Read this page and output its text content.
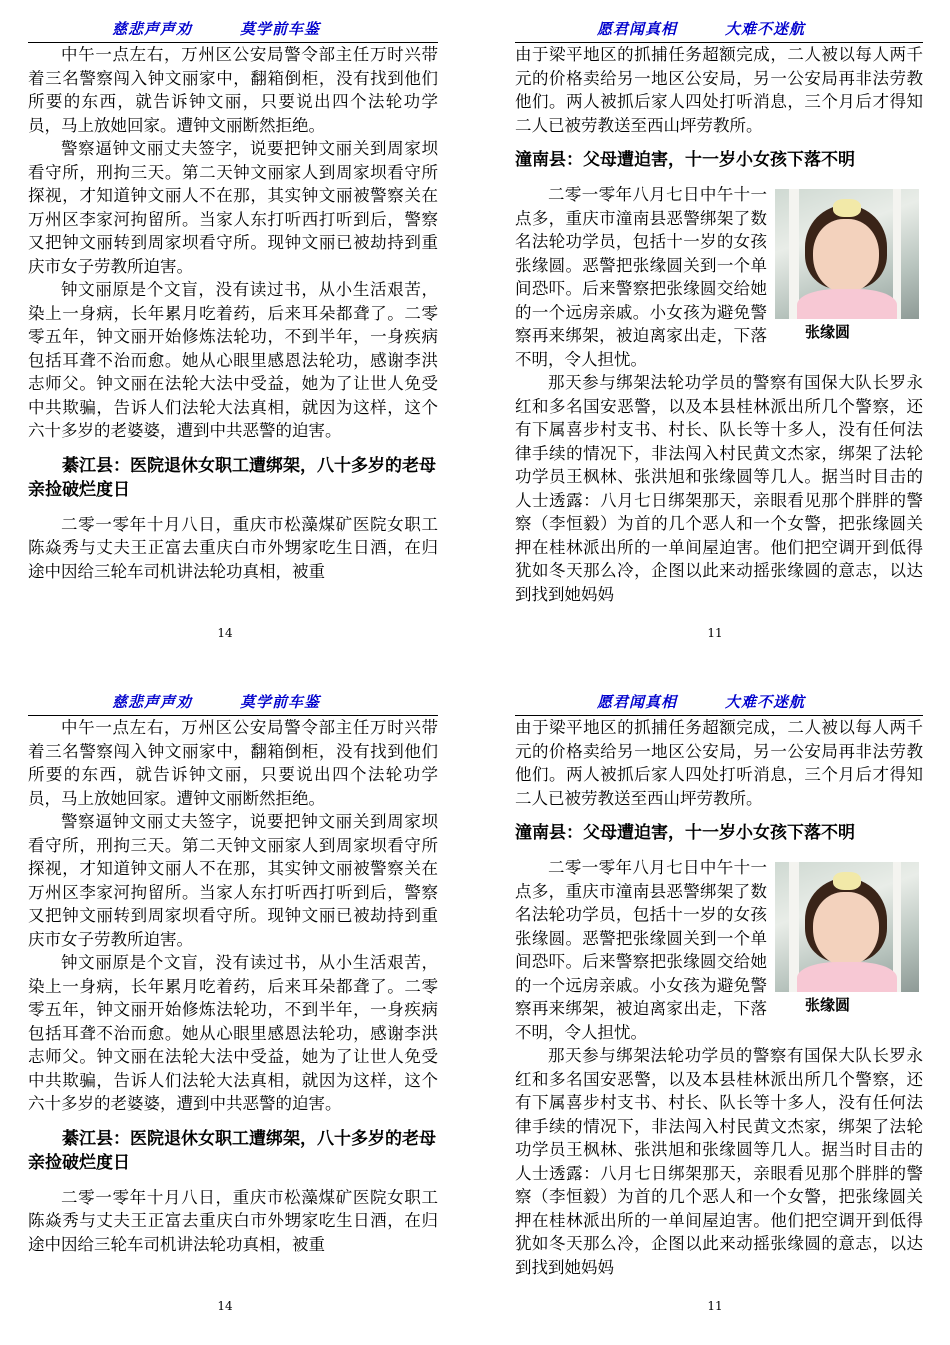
慈悲声声劝	莫学前车鉴

中午一点左右，万州区公安局警令部主任万时兴带着三名警察闯入钟文丽家中，翻箱倒柜，没有找到他们所要的东西，就告诉钟文丽，只要说出四个法轮功学员，马上放她回家。遭钟文丽断然拒绝。

警察逼钟文丽丈夫签字，说要把钟文丽关到周家坝看守所，刑拘三天。第二天钟文丽家人到周家坝看守所探视，才知道钟文丽人不在那，其实钟文丽被警察关在万州区李家河拘留所。当家人东打听西打听到后，警察又把钟文丽转到周家坝看守所。现钟文丽已被劫持到重庆市女子劳教所迫害。

钟文丽原是个文盲，没有读过书，从小生活艰苦，染上一身病，长年累月吃着药，后来耳朵都聋了。二零零五年，钟文丽开始修炼法轮功，不到半年，一身疾病包括耳聋不治而愈。她从心眼里感恩法轮功，感谢李洪志师父。钟文丽在法轮大法中受益，她为了让世人免受中共欺骗，告诉人们法轮大法真相，就因为这样，这个六十多岁的老婆婆，遭到中共恶警的迫害。

綦江县：医院退休女职工遭绑架，八十多岁的老母亲捡破烂度日

二零一零年十月八日，重庆市松藻煤矿医院女职工陈焱秀与丈夫王正富去重庆白市外甥家吃生日酒，在归途中因给三轮车司机讲法轮功真相，被重

14
愿君闻真相	大难不迷航

由于梁平地区的抓捕任务超额完成，二人被以每人两千元的价格卖给另一地区公安局，另一公安局再非法劳教他们。两人被抓后家人四处打听消息，三个月后才得知二人已被劳教送至西山坪劳教所。

潼南县：父母遭迫害，十一岁小女孩下落不明
张缘圆

二零一零年八月七日中午十一点多，重庆市潼南县恶警绑架了数名法轮功学员，包括十一岁的女孩张缘圆。恶警把张缘圆关到一个单间恐吓。后来警察把张缘圆交给她的一个远房亲戚。小女孩为避免警察再来绑架，被迫离家出走，下落不明，令人担忧。

那天参与绑架法轮功学员的警察有国保大队长罗永红和多名国安恶警，以及本县桂林派出所几个警察，还有下属喜步村支书、村长、队长等十多人，没有任何法律手续的情况下，非法闯入村民黄文杰家，绑架了法轮功学员王枫林、张洪旭和张缘圆等几人。据当时目击的人士透露：八月七日绑架那天，亲眼看见那个胖胖的警察（李恒毅）为首的几个恶人和一个女警，把张缘圆关押在桂林派出所的一单间屋迫害。他们把空调开到低得犹如冬天那么冷，企图以此来动摇张缘圆的意志，以达到找到她妈妈

11
慈悲声声劝	莫学前车鉴

中午一点左右，万州区公安局警令部主任万时兴带着三名警察闯入钟文丽家中，翻箱倒柜，没有找到他们所要的东西，就告诉钟文丽，只要说出四个法轮功学员，马上放她回家。遭钟文丽断然拒绝。

警察逼钟文丽丈夫签字，说要把钟文丽关到周家坝看守所，刑拘三天。第二天钟文丽家人到周家坝看守所探视，才知道钟文丽人不在那，其实钟文丽被警察关在万州区李家河拘留所。当家人东打听西打听到后，警察又把钟文丽转到周家坝看守所。现钟文丽已被劫持到重庆市女子劳教所迫害。

钟文丽原是个文盲，没有读过书，从小生活艰苦，染上一身病，长年累月吃着药，后来耳朵都聋了。二零零五年，钟文丽开始修炼法轮功，不到半年，一身疾病包括耳聋不治而愈。她从心眼里感恩法轮功，感谢李洪志师父。钟文丽在法轮大法中受益，她为了让世人免受中共欺骗，告诉人们法轮大法真相，就因为这样，这个六十多岁的老婆婆，遭到中共恶警的迫害。

綦江县：医院退休女职工遭绑架，八十多岁的老母亲捡破烂度日

二零一零年十月八日，重庆市松藻煤矿医院女职工陈焱秀与丈夫王正富去重庆白市外甥家吃生日酒，在归途中因给三轮车司机讲法轮功真相，被重

14
愿君闻真相	大难不迷航

由于梁平地区的抓捕任务超额完成，二人被以每人两千元的价格卖给另一地区公安局，另一公安局再非法劳教他们。两人被抓后家人四处打听消息，三个月后才得知二人已被劳教送至西山坪劳教所。

潼南县：父母遭迫害，十一岁小女孩下落不明
张缘圆

二零一零年八月七日中午十一点多，重庆市潼南县恶警绑架了数名法轮功学员，包括十一岁的女孩张缘圆。恶警把张缘圆关到一个单间恐吓。后来警察把张缘圆交给她的一个远房亲戚。小女孩为避免警察再来绑架，被迫离家出走，下落不明，令人担忧。

那天参与绑架法轮功学员的警察有国保大队长罗永红和多名国安恶警，以及本县桂林派出所几个警察，还有下属喜步村支书、村长、队长等十多人，没有任何法律手续的情况下，非法闯入村民黄文杰家，绑架了法轮功学员王枫林、张洪旭和张缘圆等几人。据当时目击的人士透露：八月七日绑架那天，亲眼看见那个胖胖的警察（李恒毅）为首的几个恶人和一个女警，把张缘圆关押在桂林派出所的一单间屋迫害。他们把空调开到低得犹如冬天那么冷，企图以此来动摇张缘圆的意志，以达到找到她妈妈

11
